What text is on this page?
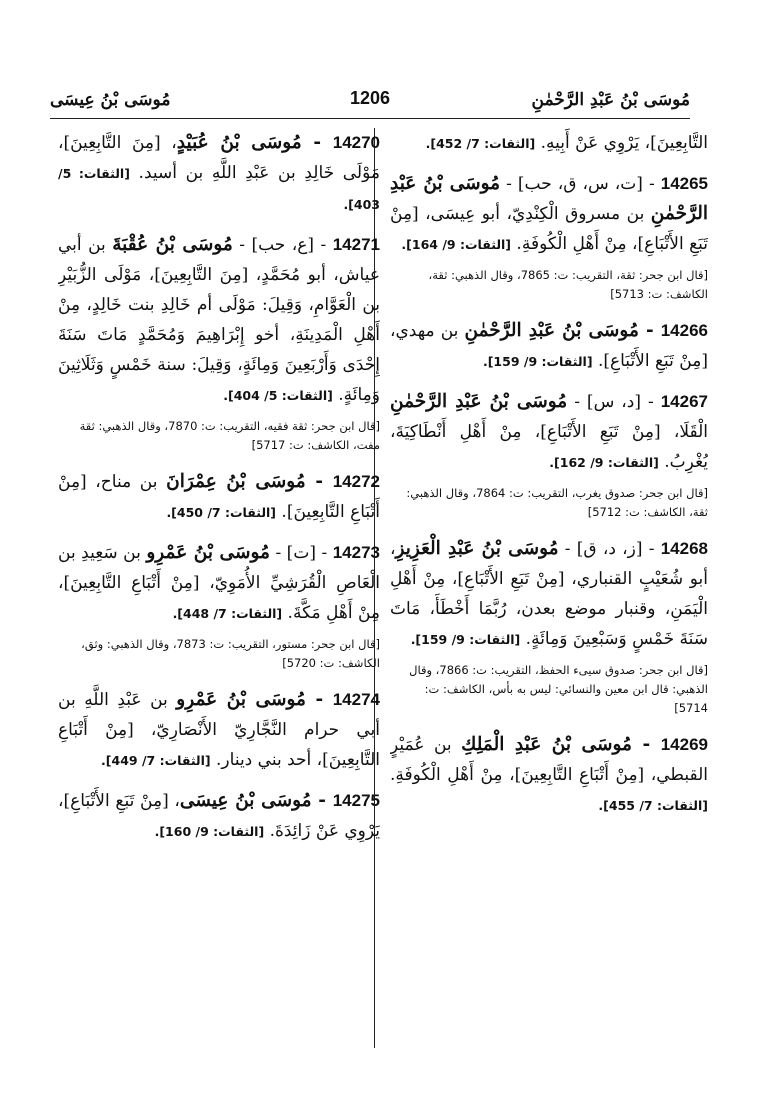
مُوسَى بْنُ عَبْدِ الرَّحْمٰنِ
1206
مُوسَى بْنُ عِيسَى

التَّابِعِينَ]، يَرْوِي عَنْ أَبِيهِ. [الثقات: 7/ 452].

14265 - [ت، س، ق، حب] - مُوسَى بْنُ عَبْدِ الرَّحْمٰنِ بن مسروق الْكِنْدِيّ، أبو عِيسَى، [مِنْ تَبَعِ الأَتْبَاعِ]، مِنْ أَهْلِ الْكُوفَةِ. [الثقات: 9/ 164].

[قال ابن جحر: ثقة، التقريب: ت: 7865، وقال الذهبي: ثقة، الكاشف: ت: 5713]

14266 - مُوسَى بْنُ عَبْدِ الرَّحْمٰنِ بن مهدي، [مِنْ تَبَعِ الأَتْبَاعِ]. [الثقات: 9/ 159].

14267 - [د، س] - مُوسَى بْنُ عَبْدِ الرَّحْمٰنِ الْقَلَا، [مِنْ تَبَعِ الأَتْبَاعِ]، مِنْ أَهْلِ أَنْطَاكِيَةَ، يُغْرِبُ. [الثقات: 9/ 162].

[قال ابن جحر: صدوق يغرب، التقريب: ت: 7864، وقال الذهبي: ثقة، الكاشف: ت: 5712]

14268 - [ز، د، ق] - مُوسَى بْنُ عَبْدِ الْعَزِيزِ، أبو شُعَيْبٍ القنباري، [مِنْ تَبَعِ الأَتْبَاعِ]، مِنْ أَهْلِ الْيَمَنِ، وقنبار موضع بعدن، رُبَّمَا أَخْطَأَ، مَاتَ سَنَةَ خَمْسٍ وَسَبْعِينَ وَمِائَةٍ. [الثقات: 9/ 159].

[قال ابن جحر: صدوق سيىء الحفظ، التقريب: ت: 7866، وقال الذهبي: قال ابن معين والنسائي: ليس به بأس، الكاشف: ت: 5714]

14269 - مُوسَى بْنُ عَبْدِ الْمَلِكِ بن عُمَيْرٍ القبطي، [مِنْ أَتْبَاعِ التَّابِعِينَ]، مِنْ أَهْلِ الْكُوفَةِ. [الثقات: 7/ 455].

14270 - مُوسَى بْنُ عُبَيْدٍ، [مِنَ التَّابِعِينَ]، مَوْلَى خَالِدِ بن عَبْدِ اللَّهِ بن أسيد. [الثقات: 5/ 403].

14271 - [ع، حب] - مُوسَى بْنُ عُقْبَةَ بن أبي عياش، أبو مُحَمَّدٍ، [مِنَ التَّابِعِينَ]، مَوْلَى الزُّبَيْرِ بن الْعَوَّامِ، وَقِيلَ: مَوْلَى أم خَالِدِ بنت خَالِدٍ، مِنْ أَهْلِ الْمَدِينَةِ، أخو إِبْرَاهِيمَ وَمُحَمَّدٍ مَاتَ سَنَةَ إِحْدَى وَأَرْبَعِينَ وَمِائَةٍ، وَقِيلَ: سنة خَمْسٍ وَثَلَاثِينَ وَمِائَةٍ. [الثقات: 5/ 404].

[قال ابن جحر: ثقة فقيه، التقريب: ت: 7870، وقال الذهبي: ثقة مفت، الكاشف: ت: 5717]

14272 - مُوسَى بْنُ عِمْرَانَ بن مناح، [مِنْ أَتْبَاعِ التَّابِعِينَ]. [الثقات: 7/ 450].

14273 - [ت] - مُوسَى بْنُ عَمْرِو بن سَعِيدِ بن الْعَاصِ الْقُرَشِيِّ الأُمَوِيّ، [مِنْ أَتْبَاعِ التَّابِعِينَ]، مِنْ أَهْلِ مَكَّةَ. [الثقات: 7/ 448].

[قال ابن جحر: مستور، التقريب: ت: 7873، وقال الذهبي: وثق، الكاشف: ت: 5720]

14274 - مُوسَى بْنُ عَمْرِو بن عَبْدِ اللَّهِ بن أبي حرام النَّجَّارِيّ الأَنْصَارِيّ، [مِنْ أَتْبَاعِ التَّابِعِينَ]، أحد بني دينار. [الثقات: 7/ 449].

14275 - مُوسَى بْنُ عِيسَى، [مِنْ تَبَعِ الأَتْبَاعِ]، يَرْوِي عَنْ زَائِدَةَ. [الثقات: 9/ 160].
